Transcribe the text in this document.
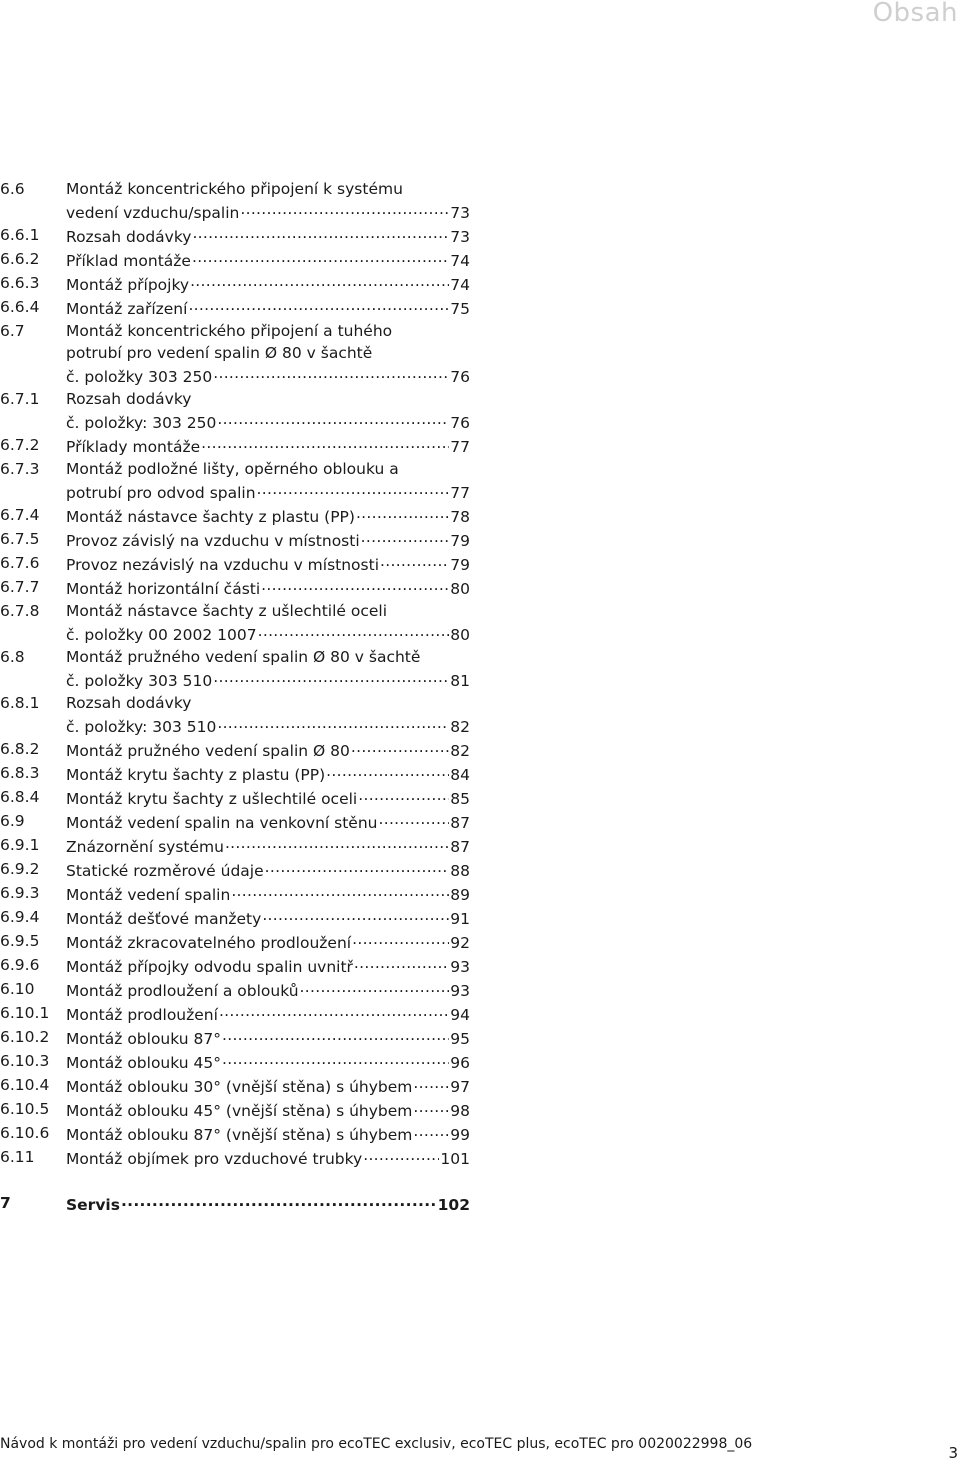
Obsah
6.6	Montáž koncentrického připojení k systému
vedení vzduchu/spalin .....	73
6.6.1	Rozsah dodávky .....	73
6.6.2	Příklad montáže .....	74
6.6.3	Montáž přípojky .....	74
6.6.4	Montáž zařízení .....	75
6.7	Montáž koncentrického připojení a tuhého
potrubí pro vedení spalin Ø 80 v šachtě
č. položky 303 250 .....	76
6.7.1	Rozsah dodávky
č. položky: 303 250 .....	76
6.7.2	Příklady montáže .....	77
6.7.3	Montáž podložné lišty, opěrného oblouku a
potrubí pro odvod spalin .....	77
6.7.4	Montáž nástavce šachty z plastu (PP) .....	78
6.7.5	Provoz závislý na vzduchu v místnosti .....	79
6.7.6	Provoz nezávislý na vzduchu v místnosti .....	79
6.7.7	Montáž horizontální části .....	80
6.7.8	Montáž nástavce šachty z ušlechtilé oceli
č. položky 00 2002 1007 .....	80
6.8	Montáž pružného vedení spalin Ø 80 v šachtě
č. položky 303 510 .....	81
6.8.1	Rozsah dodávky
č. položky: 303 510 .....	82
6.8.2	Montáž pružného vedení spalin Ø 80 .....	82
6.8.3	Montáž krytu šachty z plastu (PP) .....	84
6.8.4	Montáž krytu šachty z ušlechtilé oceli .....	85
6.9	Montáž vedení spalin na venkovní stěnu .....	87
6.9.1	Znázornění systému .....	87
6.9.2	Statické rozměrové údaje .....	88
6.9.3	Montáž vedení spalin .....	89
6.9.4	Montáž dešťové manžety .....	91
6.9.5	Montáž zkracovatelného prodloužení .....	92
6.9.6	Montáž přípojky odvodu spalin uvnitř .....	93
6.10	Montáž prodloužení a oblouků .....	93
6.10.1	Montáž prodloužení .....	94
6.10.2	Montáž oblouku 87° .....	95
6.10.3	Montáž oblouku 45° .....	96
6.10.4	Montáž oblouku 30° (vnější stěna) s úhybem ..... 97
6.10.5	Montáž oblouku 45° (vnější stěna) s úhybem ..... 98
6.10.6	Montáž oblouku 87° (vnější stěna) s úhybem ..... 99
6.11	Montáž objímek pro vzduchové trubky .....	101
7	Servis .....	102
Návod k montáži pro vedení vzduchu/spalin pro ecoTEC exclusiv, ecoTEC plus, ecoTEC pro 0020022998_06	3
